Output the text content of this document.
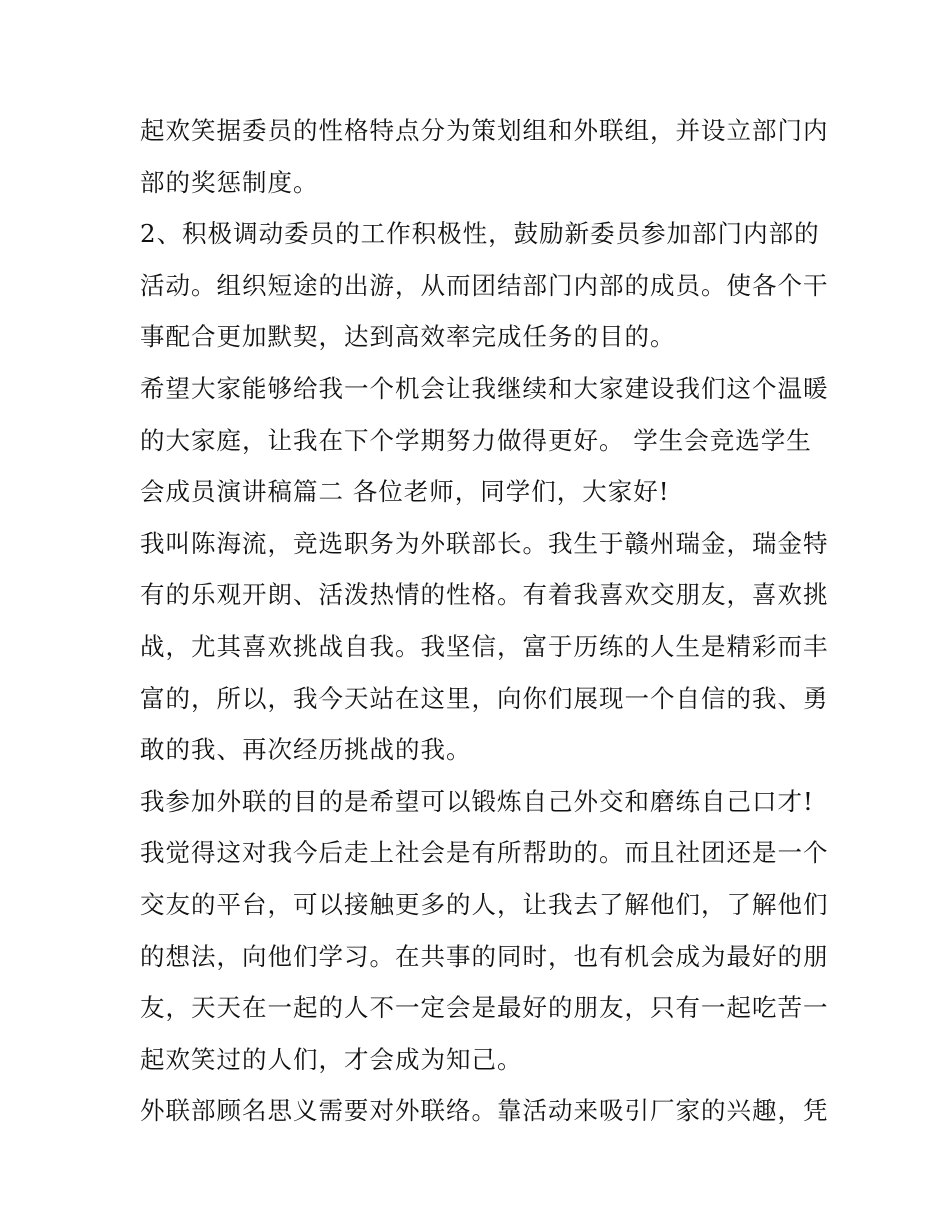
起欢笑据委员的性格特点分为策划组和外联组，并设立部门内
部的奖惩制度。
2、积极调动委员的工作积极性，鼓励新委员参加部门内部的
活动。组织短途的出游，从而团结部门内部的成员。使各个干
事配合更加默契，达到高效率完成任务的目的。
希望大家能够给我一个机会让我继续和大家建设我们这个温暖
的大家庭，让我在下个学期努力做得更好。 学生会竞选学生
会成员演讲稿篇二 各位老师，同学们，大家好!
我叫陈海流，竞选职务为外联部长。我生于赣州瑞金，瑞金特
有的乐观开朗、活泼热情的性格。有着我喜欢交朋友，喜欢挑
战，尤其喜欢挑战自我。我坚信，富于历练的人生是精彩而丰
富的，所以，我今天站在这里，向你们展现一个自信的我、勇
敢的我、再次经历挑战的我。
我参加外联的目的是希望可以锻炼自己外交和磨练自己口才!
我觉得这对我今后走上社会是有所帮助的。而且社团还是一个
交友的平台，可以接触更多的人，让我去了解他们，了解他们
的想法，向他们学习。在共事的同时，也有机会成为最好的朋
友，天天在一起的人不一定会是最好的朋友，只有一起吃苦一
起欢笑过的人们，才会成为知己。
外联部顾名思义需要对外联络。靠活动来吸引厂家的兴趣，凭
